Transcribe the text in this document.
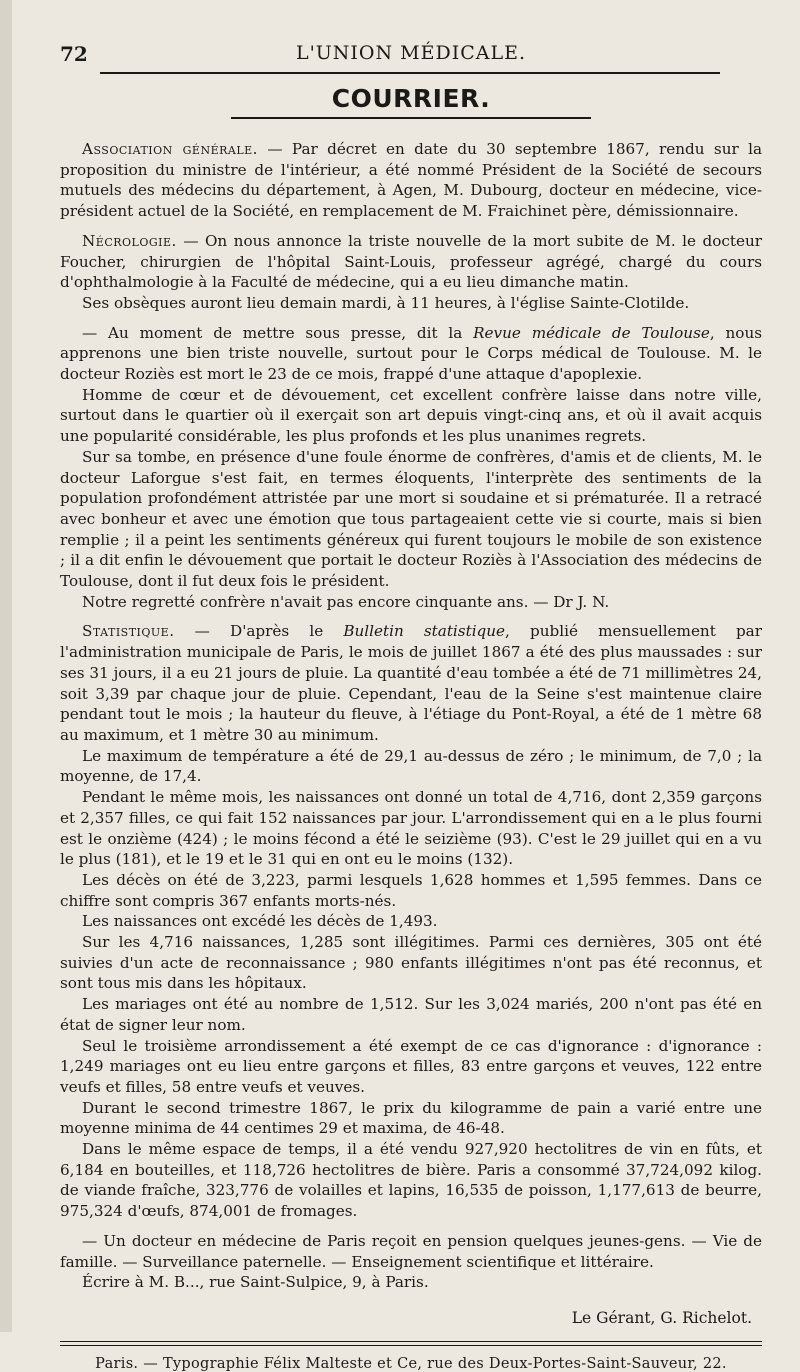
72	L'UNION MÉDICALE.
COURRIER.

Association générale. — Par décret en date du 30 septembre 1867, rendu sur la proposition du ministre de l'intérieur, a été nommé Président de la Société de secours mutuels des médecins du département, à Agen, M. Dubourg, docteur en médecine, vice-président actuel de la Société, en remplacement de M. Fraichinet père, démissionnaire.

Nécrologie. — On nous annonce la triste nouvelle de la mort subite de M. le docteur Foucher, chirurgien de l'hôpital Saint-Louis, professeur agrégé, chargé du cours d'ophthalmologie à la Faculté de médecine, qui a eu lieu dimanche matin.

Ses obsèques auront lieu demain mardi, à 11 heures, à l'église Sainte-Clotilde.

— Au moment de mettre sous presse, dit la Revue médicale de Toulouse, nous apprenons une bien triste nouvelle, surtout pour le Corps médical de Toulouse. M. le docteur Roziès est mort le 23 de ce mois, frappé d'une attaque d'apoplexie.

Homme de cœur et de dévouement, cet excellent confrère laisse dans notre ville, surtout dans le quartier où il exerçait son art depuis vingt-cinq ans, et où il avait acquis une popularité considérable, les plus profonds et les plus unanimes regrets.

Sur sa tombe, en présence d'une foule énorme de confrères, d'amis et de clients, M. le docteur Laforgue s'est fait, en termes éloquents, l'interprète des sentiments de la population profondément attristée par une mort si soudaine et si prématurée. Il a retracé avec bonheur et avec une émotion que tous partageaient cette vie si courte, mais si bien remplie ; il a peint les sentiments généreux qui furent toujours le mobile de son existence ; il a dit enfin le dévouement que portait le docteur Roziès à l'Association des médecins de Toulouse, dont il fut deux fois le président.

Notre regretté confrère n'avait pas encore cinquante ans. — Dr J. N.

Statistique. — D'après le Bulletin statistique, publié mensuellement par l'administration municipale de Paris, le mois de juillet 1867 a été des plus maussades : sur ses 31 jours, il a eu 21 jours de pluie. La quantité d'eau tombée a été de 71 millimètres 24, soit 3,39 par chaque jour de pluie. Cependant, l'eau de la Seine s'est maintenue claire pendant tout le mois ; la hauteur du fleuve, à l'étiage du Pont-Royal, a été de 1 mètre 68 au maximum, et 1 mètre 30 au minimum.

Le maximum de température a été de 29,1 au-dessus de zéro ; le minimum, de 7,0 ; la moyenne, de 17,4.

Pendant le même mois, les naissances ont donné un total de 4,716, dont 2,359 garçons et 2,357 filles, ce qui fait 152 naissances par jour. L'arrondissement qui en a le plus fourni est le onzième (424) ; le moins fécond a été le seizième (93). C'est le 29 juillet qui en a vu le plus (181), et le 19 et le 31 qui en ont eu le moins (132).

Les décès on été de 3,223, parmi lesquels 1,628 hommes et 1,595 femmes. Dans ce chiffre sont compris 367 enfants morts-nés.

Les naissances ont excédé les décès de 1,493.

Sur les 4,716 naissances, 1,285 sont illégitimes. Parmi ces dernières, 305 ont été suivies d'un acte de reconnaissance ; 980 enfants illégitimes n'ont pas été reconnus, et sont tous mis dans les hôpitaux.

Les mariages ont été au nombre de 1,512. Sur les 3,024 mariés, 200 n'ont pas été en état de signer leur nom.

Seul le troisième arrondissement a été exempt de ce cas d'ignorance : d'ignorance : 1,249 mariages ont eu lieu entre garçons et filles, 83 entre garçons et veuves, 122 entre veufs et filles, 58 entre veufs et veuves.

Durant le second trimestre 1867, le prix du kilogramme de pain a varié entre une moyenne minima de 44 centimes 29 et maxima, de 46-48.

Dans le même espace de temps, il a été vendu 927,920 hectolitres de vin en fûts, et 6,184 en bouteilles, et 118,726 hectolitres de bière. Paris a consommé 37,724,092 kilog. de viande fraîche, 323,776 de volailles et lapins, 16,535 de poisson, 1,177,613 de beurre, 975,324 d'œufs, 874,001 de fromages.

— Un docteur en médecine de Paris reçoit en pension quelques jeunes-gens. — Vie de famille. — Surveillance paternelle. — Enseignement scientifique et littéraire.

Écrire à M. B..., rue Saint-Sulpice, 9, à Paris.

Le Gérant, G. Richelot.
Paris. — Typographie Félix Malteste et Ce, rue des Deux-Portes-Saint-Sauveur, 22.
